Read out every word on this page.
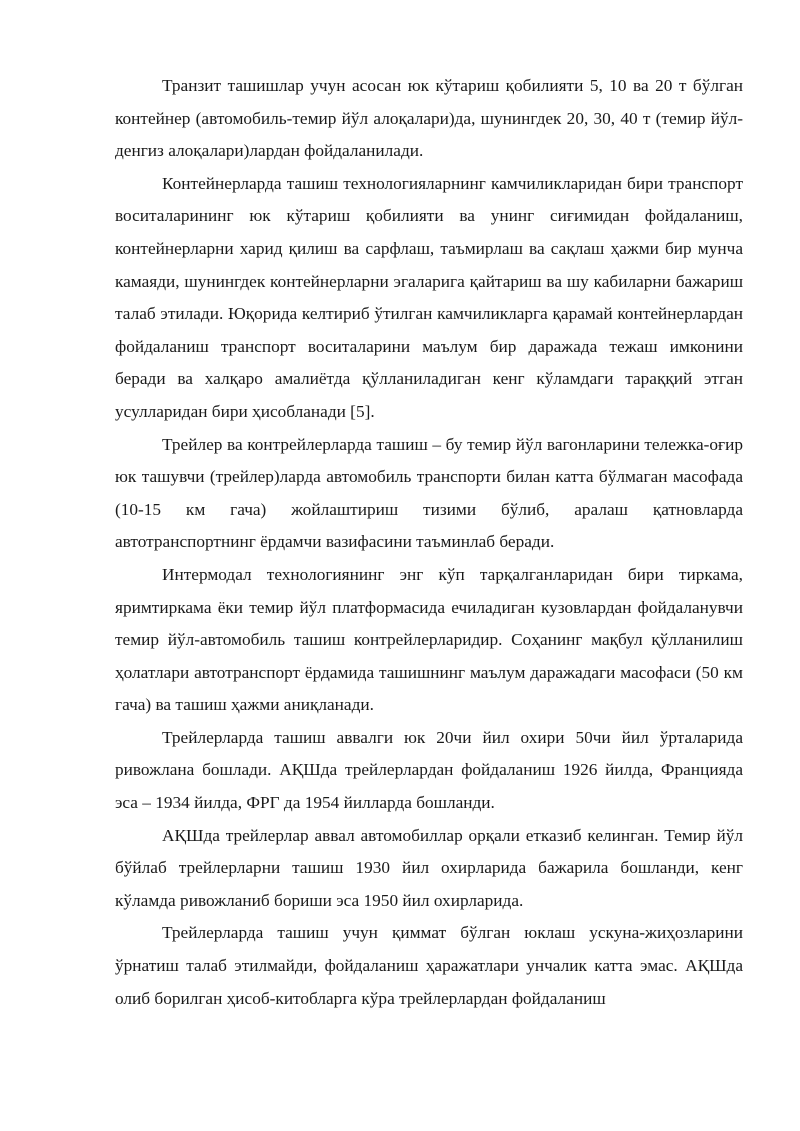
Транзит ташишлар учун асосан юк кўтариш қобилияти 5, 10 ва 20 т бўлган контейнер (автомобиль-темир йўл алоқалари)да, шунингдек 20, 30, 40 т (темир йўл-денгиз алоқалари)лардан фойдаланилади.

Контейнерларда ташиш технологияларнинг камчиликларидан бири транспорт воситаларининг юк кўтариш қобилияти ва унинг сиғимидан фойдаланиш, контейнерларни харид қилиш ва сарфлаш, таъмирлаш ва сақлаш ҳажми бир мунча камаяди, шунингдек контейнерларни эгаларига қайтариш ва шу кабиларни бажариш талаб этилади. Юқорида келтириб ўтилган камчиликларга қарамай контейнерлардан фойдаланиш транспорт воситаларини маълум бир даражада тежаш имконини беради ва халқаро амалиётда қўлланиладиган кенг кўламдаги тараққий этган усулларидан бири ҳисобланади [5].

Трейлер ва контрейлерларда ташиш – бу темир йўл вагонларини тележка-оғир юк ташувчи (трейлер)ларда автомобиль транспорти билан катта бўлмаган масофада (10-15 км гача) жойлаштириш тизими бўлиб, аралаш қатновларда автотранспортнинг ёрдамчи вазифасини таъминлаб беради.

Интермодал технологиянинг энг кўп тарқалганларидан бири тиркама, яримтиркама ёки темир йўл платформасида ечиладиган кузовлардан фойдаланувчи темир йўл-автомобиль ташиш контрейлерларидир. Соҳанинг мақбул қўлланилиш ҳолатлари автотранспорт ёрдамида ташишнинг маълум даражадаги масофаси (50 км гача) ва ташиш ҳажми аниқланади.

Трейлерларда ташиш аввалги юк 20чи йил охири 50чи йил ўрталарида ривожлана бошлади. АҚШда трейлерлардан фойдаланиш 1926 йилда, Францияда эса – 1934 йилда, ФРГ да 1954 йилларда бошланди.

АҚШда трейлерлар аввал автомобиллар орқали етказиб келинган. Темир йўл бўйлаб трейлерларни ташиш 1930 йил охирларида бажарила бошланди, кенг кўламда ривожланиб бориши эса 1950 йил охирларида.

Трейлерларда ташиш учун қиммат бўлган юклаш ускуна-жиҳозларини ўрнатиш талаб этилмайди, фойдаланиш ҳаражатлари унчалик катта эмас. АҚШда олиб борилган ҳисоб-китобларга кўра трейлерлардан фойдаланиш
